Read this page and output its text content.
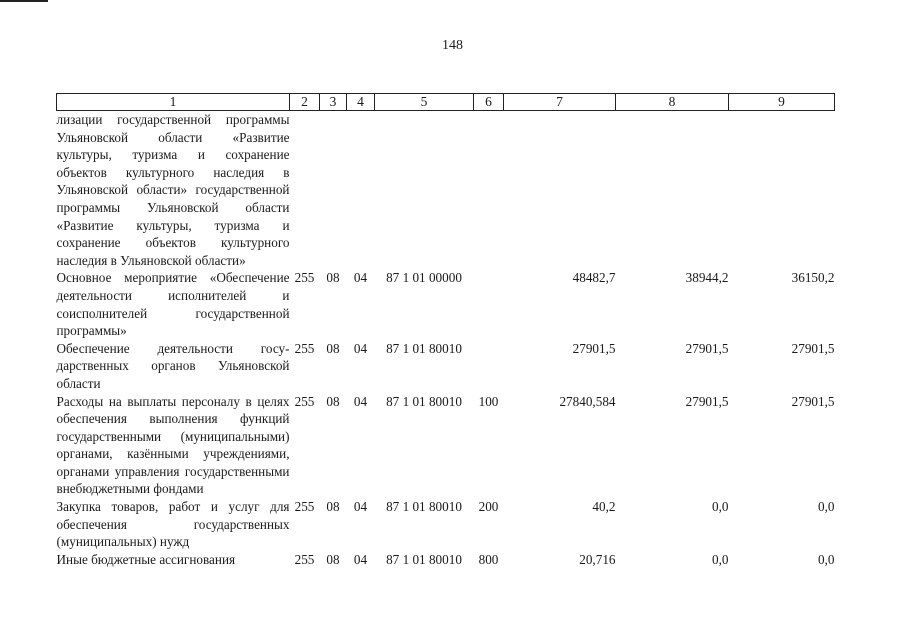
148
1	2	3	4	5	6	7	8	9
лизации государственной программы Ульяновской области «Развитие культуры, туризма и сохранение объектов культурного наследия в Ульяновской области» государственной программы Ульяновской области «Развитие культуры, туризма и сохранение объектов культурного наследия в Ульяновской области»								
Основное мероприятие «Обеспечение деятельности исполнителей и соисполнителей государственной программы»	255	08	04	87 1 01 00000		48482,7	38944,2	36150,2
Обеспечение деятельности государственных органов Ульяновской области	255	08	04	87 1 01 80010		27901,5	27901,5	27901,5
Расходы на выплаты персоналу в целях обеспечения выполнения функций государственными (муниципальными) органами, казёнными учреждениями, органами управления государственными внебюджетными фондами	255	08	04	87 1 01 80010	100	27840,584	27901,5	27901,5
Закупка товаров, работ и услуг для обеспечения государственных (муниципальных) нужд	255	08	04	87 1 01 80010	200	40,2	0,0	0,0
Иные бюджетные ассигнования	255	08	04	87 1 01 80010	800	20,716	0,0	0,0
